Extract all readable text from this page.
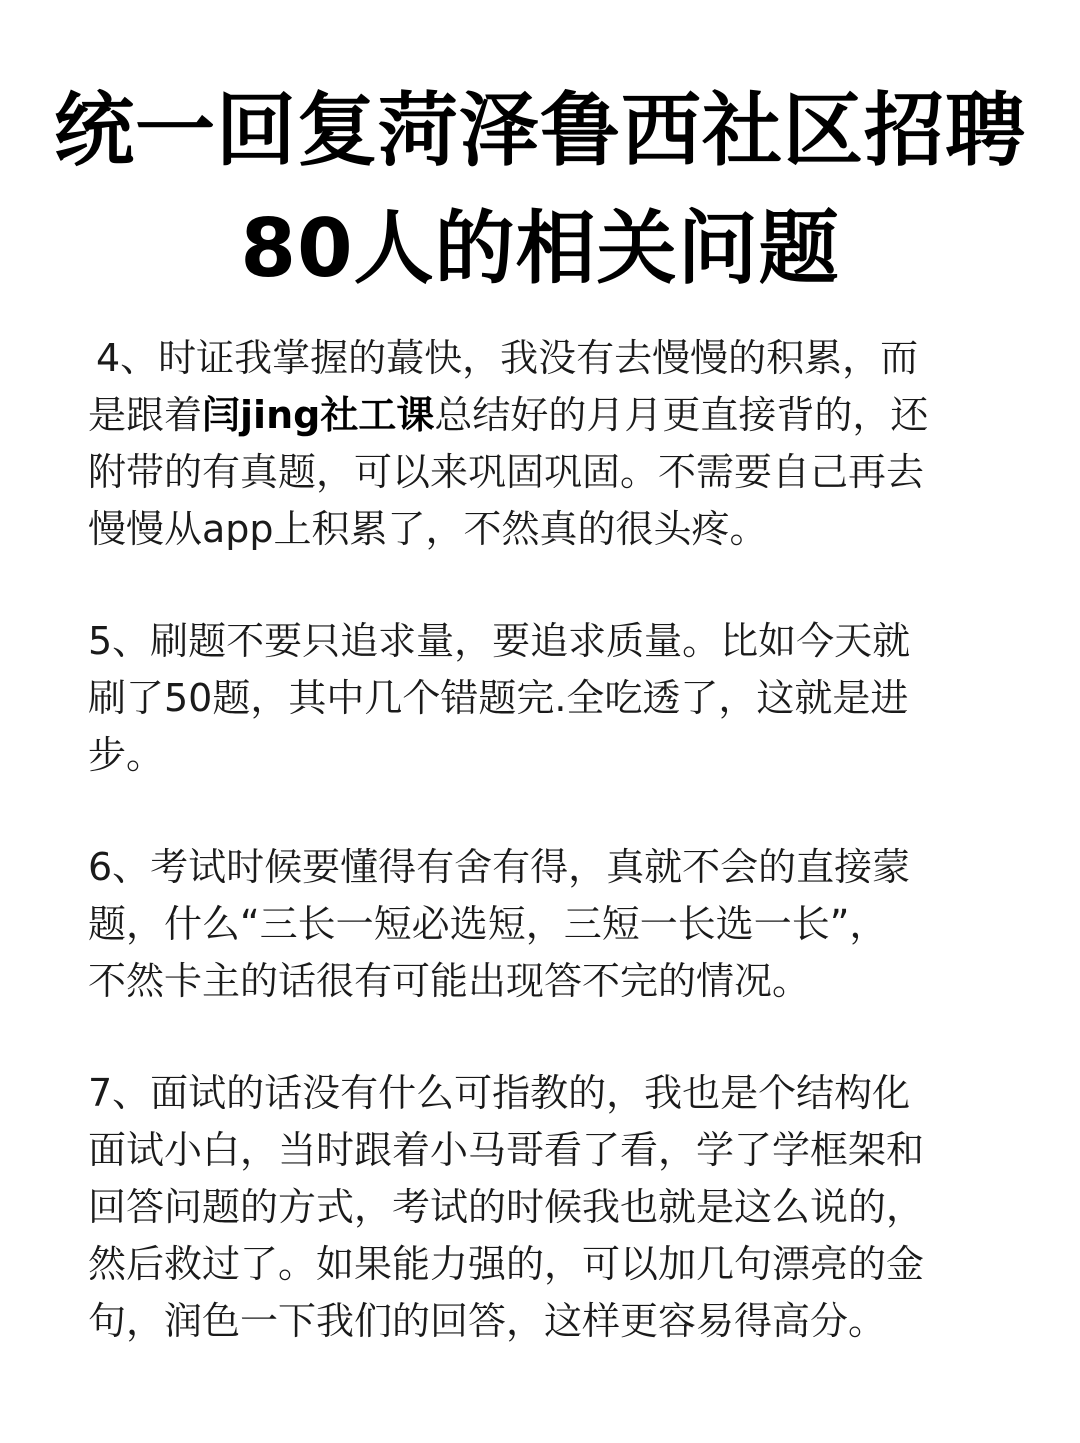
统一回复菏泽鲁西社区招聘
80人的相关问题
4、时证我掌握的蕞快，我没有去慢慢的积累，而
是跟着闫jing社工课总结好的月月更直接背的，还
附带的有真题，可以来巩固巩固。不需要自己再去
慢慢从app上积累了，不然真的很头疼。
5、刷题不要只追求量，要追求质量。比如今天就
刷了50题，其中几个错题完.全吃透了，这就是进
步。
6、考试时候要懂得有舍有得，真就不会的直接蒙
题，什么“三长一短必选短，三短一长选一长”，
不然卡主的话很有可能出现答不完的情况。
7、面试的话没有什么可指教的，我也是个结构化
面试小白，当时跟着小马哥看了看，学了学框架和
回答问题的方式，考试的时候我也就是这么说的，
然后救过了。如果能力强的，可以加几句漂亮的金
句，润色一下我们的回答，这样更容易得高分。
